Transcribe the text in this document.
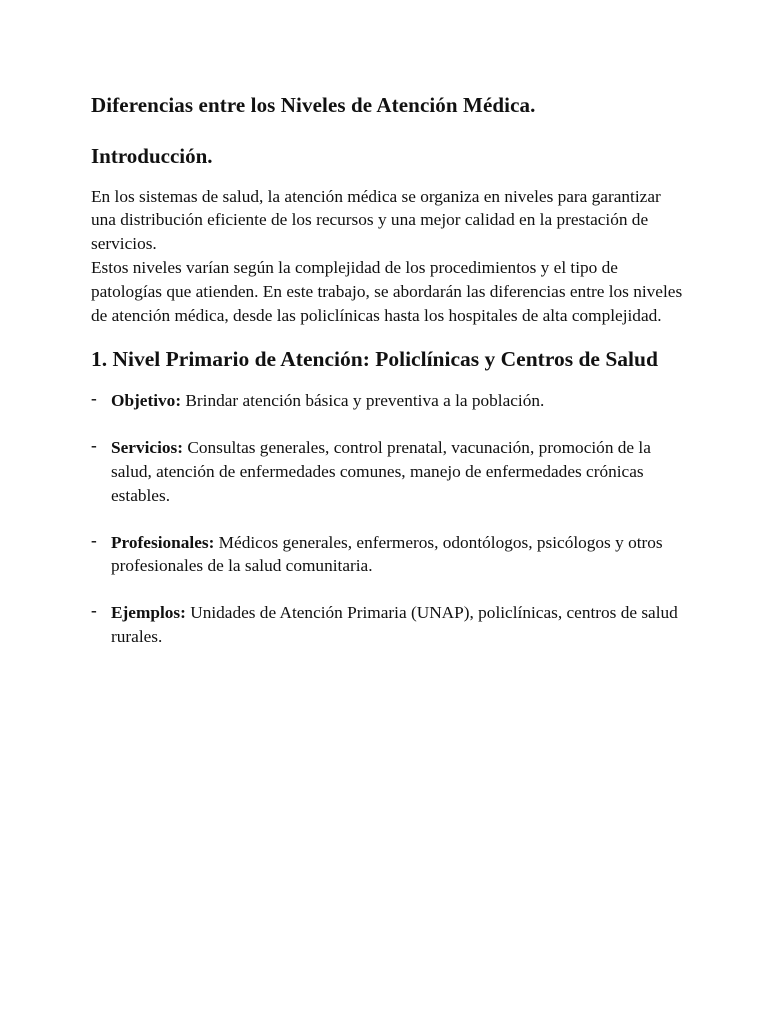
Diferencias entre los Niveles de Atención Médica.
Introducción.

En los sistemas de salud, la atención médica se organiza en niveles para garantizar una distribución eficiente de los recursos y una mejor calidad en la prestación de servicios.

Estos niveles varían según la complejidad de los procedimientos y el tipo de patologías que atienden. En este trabajo, se abordarán las diferencias entre los niveles de atención médica, desde las policlínicas hasta los hospitales de alta complejidad.

1. Nivel Primario de Atención: Policlínicas y Centros de Salud
- Objetivo: Brindar atención básica y preventiva a la población.
- Servicios: Consultas generales, control prenatal, vacunación, promoción de la salud, atención de enfermedades comunes, manejo de enfermedades crónicas estables.
- Profesionales: Médicos generales, enfermeros, odontólogos, psicólogos y otros profesionales de la salud comunitaria.
- Ejemplos: Unidades de Atención Primaria (UNAP), policlínicas, centros de salud rurales.
